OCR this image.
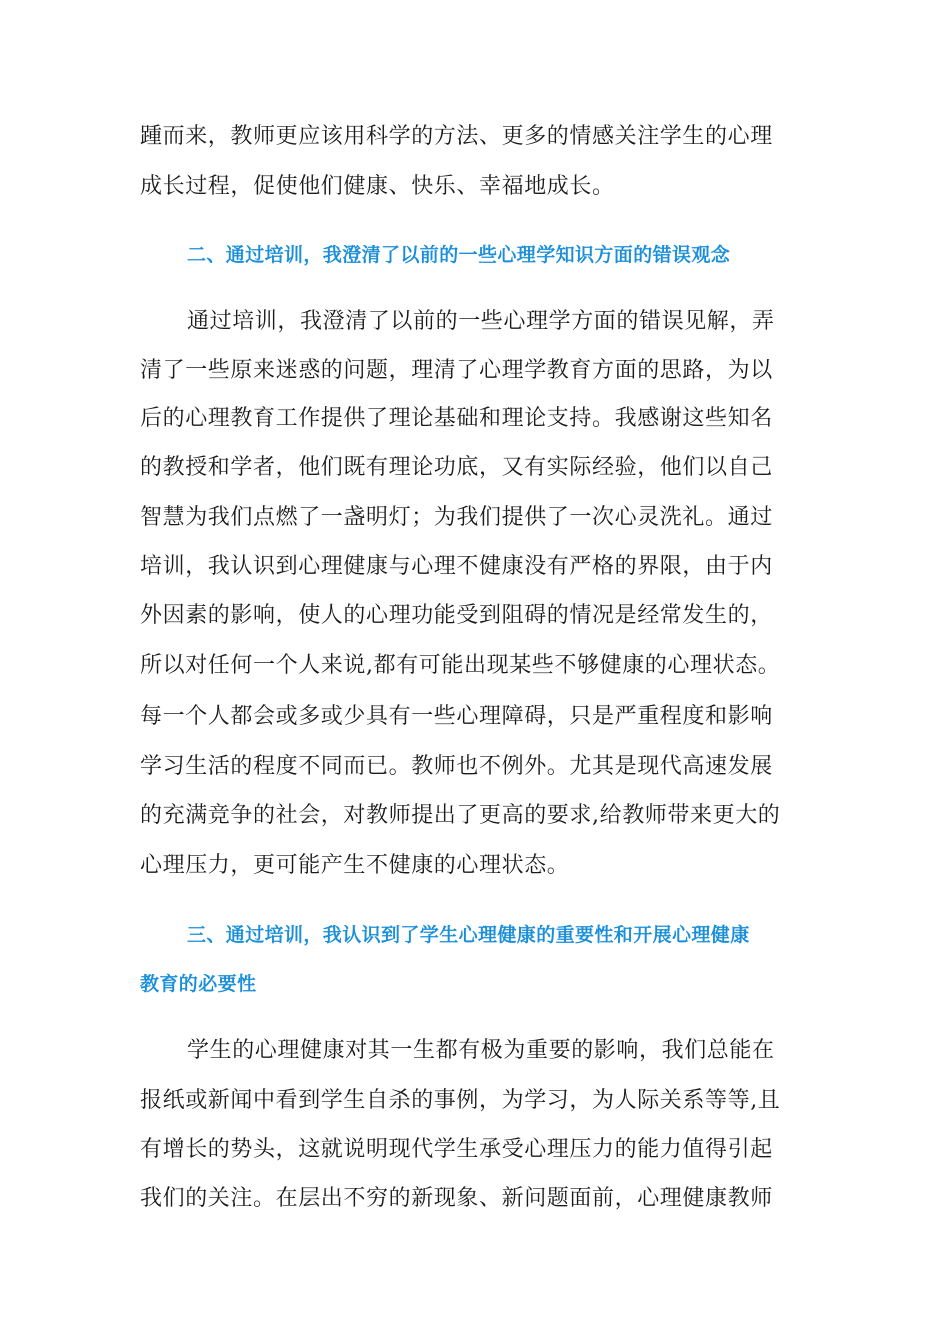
踵而来，教师更应该用科学的方法、更多的情感关注学生的心理
成长过程，促使他们健康、快乐、幸福地成长。
二、通过培训，我澄清了以前的一些心理学知识方面的错误观念
通过培训，我澄清了以前的一些心理学方面的错误见解，弄
清了一些原来迷惑的问题，理清了心理学教育方面的思路，为以
后的心理教育工作提供了理论基础和理论支持。我感谢这些知名
的教授和学者，他们既有理论功底，又有实际经验，他们以自己
智慧为我们点燃了一盏明灯；为我们提供了一次心灵洗礼。通过
培训，我认识到心理健康与心理不健康没有严格的界限，由于内
外因素的影响，使人的心理功能受到阻碍的情况是经常发生的，
所以对任何一个人来说,都有可能出现某些不够健康的心理状态。
每一个人都会或多或少具有一些心理障碍，只是严重程度和影响
学习生活的程度不同而已。教师也不例外。尤其是现代高速发展
的充满竞争的社会，对教师提出了更高的要求,给教师带来更大的
心理压力，更可能产生不健康的心理状态。
三、通过培训，我认识到了学生心理健康的重要性和开展心理健康
教育的必要性
学生的心理健康对其一生都有极为重要的影响，我们总能在
报纸或新闻中看到学生自杀的事例，为学习，为人际关系等等,且
有增长的势头，这就说明现代学生承受心理压力的能力值得引起
我们的关注。在层出不穷的新现象、新问题面前，心理健康教师
